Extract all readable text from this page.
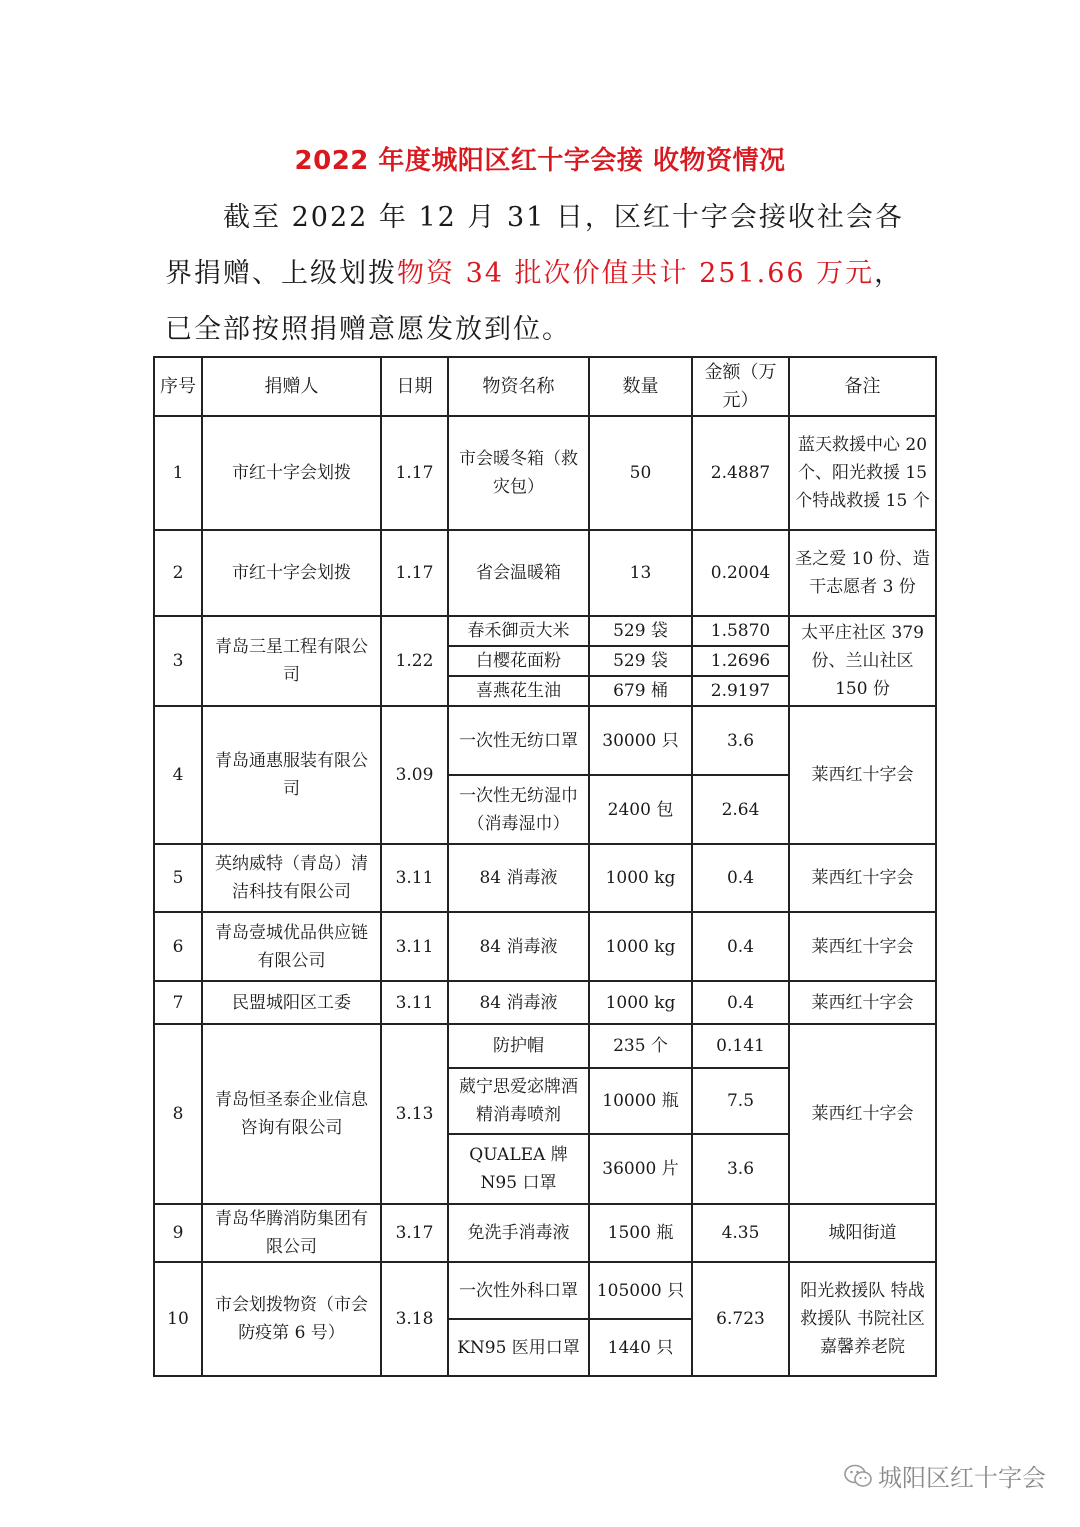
2022 年度城阳区红十字会接 收物资情况
截至 2022 年 12 月 31 日，区红十字会接收社会各界捐赠、上级划拨物资 34 批次价值共计 251.66 万元，已全部按照捐赠意愿发放到位。
序号	捐赠人	日期	物资名称	数量	金额（万元）	备注
1	市红十字会划拨	1.17	市会暖冬箱（救灾包）	50	2.4887	蓝天救援中心 20 个、阳光救援 15 个特战救援 15 个
2	市红十字会划拨	1.17	省会温暖箱	13	0.2004	圣之爱 10 份、造干志愿者 3 份
3	青岛三星工程有限公司	1.22	春禾御贡大米	529 袋	1.5870	太平庄社区 379 份、兰山社区 150 份
			白樱花面粉	529 袋	1.2696	
			喜燕花生油	679 桶	2.9197	
4	青岛通惠服装有限公司	3.09	一次性无纺口罩	30000 只	3.6	莱西红十字会
			一次性无纺湿巾（消毒湿巾）	2400 包	2.64	
5	英纳威特（青岛）清洁科技有限公司	3.11	84 消毒液	1000 kg	0.4	莱西红十字会
6	青岛壹城优品供应链有限公司	3.11	84 消毒液	1000 kg	0.4	莱西红十字会
7	民盟城阳区工委	3.11	84 消毒液	1000 kg	0.4	莱西红十字会
8	青岛恒圣泰企业信息咨询有限公司	3.13	防护帽	235 个	0.141	莱西红十字会
			葳宁思爱宓牌酒精消毒喷剂	10000 瓶	7.5	
			QUALEA 牌 N95 口罩	36000 片	3.6	
9	青岛华腾消防集团有限公司	3.17	免洗手消毒液	1500 瓶	4.35	城阳街道
10	市会划拨物资（市会防疫第 6 号）	3.18	一次性外科口罩	105000 只	6.723	阳光救援队 特战救援队 书院社区 嘉馨养老院
			KN95 医用口罩	1440 只		
城阳区红十字会
